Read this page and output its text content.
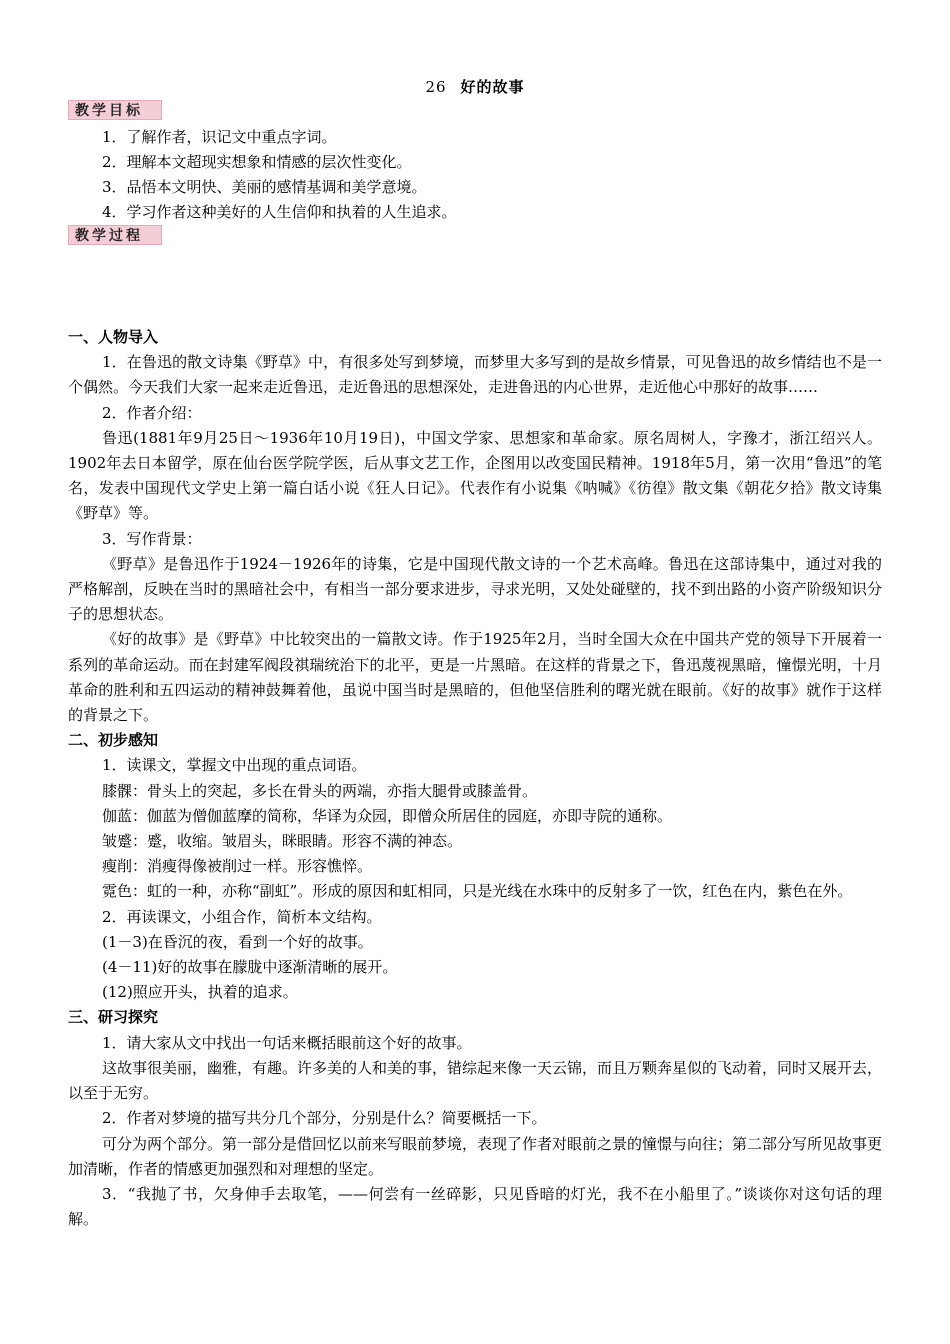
26 好的故事
教学目标
1．了解作者，识记文中重点字词。
2．理解本文超现实想象和情感的层次性变化。
3．品悟本文明快、美丽的感情基调和美学意境。
4．学习作者这种美好的人生信仰和执着的人生追求。
教学过程
一、人物导入
1．在鲁迅的散文诗集《野草》中，有很多处写到梦境，而梦里大多写到的是故乡情景，可见鲁迅的故乡情结也不是一个偶然。今天我们大家一起来走近鲁迅，走近鲁迅的思想深处，走进鲁迅的内心世界，走近他心中那好的故事……
2．作者介绍：
鲁迅(1881年9月25日～1936年10月19日)，中国文学家、思想家和革命家。原名周树人，字豫才，浙江绍兴人。1902年去日本留学，原在仙台医学院学医，后从事文艺工作，企图用以改变国民精神。1918年5月，第一次用“鲁迅”的笔名，发表中国现代文学史上第一篇白话小说《狂人日记》。代表作有小说集《呐喊》《彷徨》散文集《朝花夕拾》散文诗集《野草》等。
3．写作背景：
《野草》是鲁迅作于1924－1926年的诗集，它是中国现代散文诗的一个艺术高峰。鲁迅在这部诗集中，通过对我的严格解剖，反映在当时的黑暗社会中，有相当一部分要求进步，寻求光明，又处处碰壁的，找不到出路的小资产阶级知识分子的思想状态。
《好的故事》是《野草》中比较突出的一篇散文诗。作于1925年2月，当时全国大众在中国共产党的领导下开展着一系列的革命运动。而在封建军阀段祺瑞统治下的北平，更是一片黑暗。在这样的背景之下，鲁迅蔑视黑暗，憧憬光明，十月革命的胜利和五四运动的精神鼓舞着他，虽说中国当时是黑暗的，但他坚信胜利的曙光就在眼前。《好的故事》就作于这样的背景之下。
二、初步感知
1．读课文，掌握文中出现的重点词语。
膝髁：骨头上的突起，多长在骨头的两端，亦指大腿骨或膝盖骨。
伽蓝：伽蓝为僧伽蓝摩的简称，华译为众园，即僧众所居住的园庭，亦即寺院的通称。
皱蹙：蹙，收缩。皱眉头，眯眼睛。形容不满的神态。
瘦削：消瘦得像被削过一样。形容憔悴。
霓色：虹的一种，亦称“副虹”。形成的原因和虹相同，只是光线在水珠中的反射多了一饮，红色在内，紫色在外。
2．再读课文，小组合作，简析本文结构。
(1－3)在昏沉的夜，看到一个好的故事。
(4－11)好的故事在朦胧中逐渐清晰的展开。
(12)照应开头，执着的追求。
三、研习探究
1．请大家从文中找出一句话来概括眼前这个好的故事。
这故事很美丽，幽雅，有趣。许多美的人和美的事，错综起来像一天云锦，而且万颗奔星似的飞动着，同时又展开去，以至于无穷。
2．作者对梦境的描写共分几个部分，分别是什么？简要概括一下。
可分为两个部分。第一部分是借回忆以前来写眼前梦境，表现了作者对眼前之景的憧憬与向往；第二部分写所见故事更加清晰，作者的情感更加强烈和对理想的坚定。
3．“我抛了书，欠身伸手去取笔，——何尝有一丝碎影，只见昏暗的灯光，我不在小船里了。”谈谈你对这句话的理解。
